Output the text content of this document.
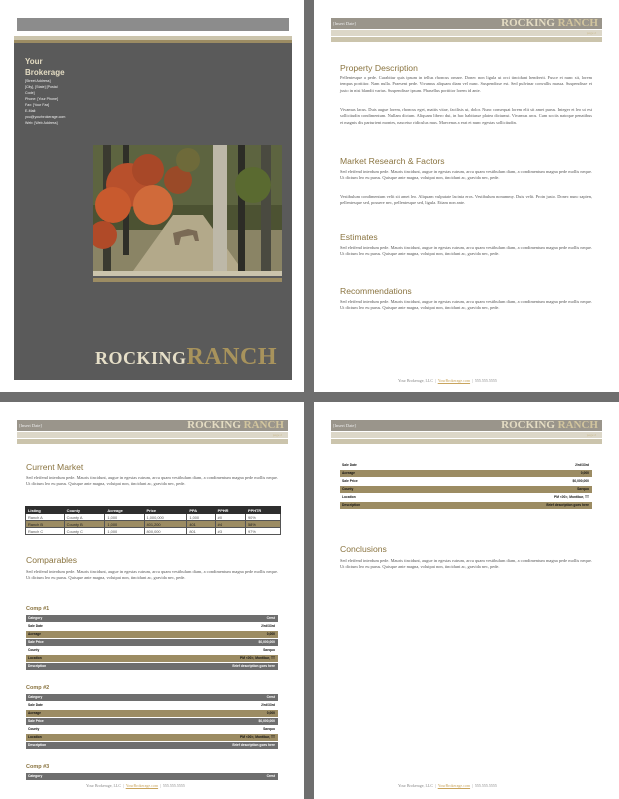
Your
Brokerage
[Street Address]
[City], [State] [Postal
Code]
Phone: [Your Phone]
Fax: [Your Fax]
E-Mail:
you@yourbrokerage.com
Web: [Web Address]
ROCKINGRANCH
[Insert Date]	ROCKING RANCH
page 2
Property Description

Pellentesque a pede. Curabitur quis ipsum in tellus rhoncus ornare. Donec non ligula ut orci tincidunt hendrerit. Fusce et nunc sit, lorem tempus porttitor. Nam nulla. Praesent pede. Vivamus aliquam diam vel nunc. Suspendisse est. Sed pulvinar convallis massa. Suspendisse et justo in nisi blandit varius. Suspendisse ipsum. Phasellus porttitor lorem id ante.

Vivamus lacus. Duis augue lorem, rhoncus eget, mattis vitae, facilisis ut, dolor. Nunc consequat lorem elit sit amet purus. Integer et leo ut est sollicitudin condimentum. Nullam dictum. Aliquam libero dui, in hac habitasse platea dictumst. Vivamus arcu. Cum sociis natoque penatibus et magnis dis parturient montes, nascetur ridiculus mus. Maecenas a erat et nunc egestas sollicitudin.

Market Research & Factors

Sed eleifend interdum pede. Mauris tincidunt, augue in egestas rutrum, arcu quam vestibulum diam, a condimentum magna pede mollis neque. Ut dictum leo eu purus. Quisque ante magna, volutpat non, tincidunt ac, gravida nec, pede.

Vestibulum condimentum velit sit amet leo. Aliquam vulputate lacinia eros. Vestibulum nonummy. Duis velit. Proin justo. Donec nunc sapien, pellentesque sed, posuere nec, pellentesque sed, ligula. Etiam non ante.

Estimates

Sed eleifend interdum pede. Mauris tincidunt, augue in egestas rutrum, arcu quam vestibulum diam, a condimentum magna pede mollis neque. Ut dictum leo eu purus. Quisque ante magna, volutpat non, tincidunt ac, gravida nec, pede.

Recommendations

Sed eleifend interdum pede. Mauris tincidunt, augue in egestas rutrum, arcu quam vestibulum diam, a condimentum magna pede mollis neque. Ut dictum leo eu purus. Quisque ante magna, volutpat non, tincidunt ac, gravida nec, pede.

Your Brokerage, LLC  |  YourBrokerage.com  |  555.555.5555
[Insert Date]	ROCKING RANCH
page 2
Current Market

Sed eleifend interdum pede. Mauris tincidunt, augue in egestas rutrum, arcu quam vestibulum diam, a condimentum magna pede mollis neque. Ut dictum leo eu purus. Quisque ante magna, volutpat non, tincidunt ac, gravida nec, pede.

Listing	County	Acreage	Price	PPA	PPHR	PPHTR
Ranch A	County A	1,000	1,000,000	1,000	#0	90%
Ranch B	County B	1,000	401,200	401	#4	58%
Ranch C	County C	1,000	800,000	801	#3	97%
Comparables

Sed eleifend interdum pede. Mauris tincidunt, augue in egestas rutrum, arcu quam vestibulum diam, a condimentum magna pede mollis neque. Ut dictum leo eu purus. Quisque ante magna, volutpat non, tincidunt ac, gravida nec, pede.

Comp #1
Category	Crest
Sale Date	2/rd/33rd
Acreage	0,000
Sale Price	$0,000,000
County	Saequo
Location	PM <00>, Montibur, TT
Description	Brief description goes here
Comp #2
Category	Crest
Sale Date	2/rd/33rd
Acreage	0,000
Sale Price	$0,000,000
County	Saequo
Location	PM <00>, Montibur, TT
Description	Brief description goes here
Comp #3
Category	Crest
Your Brokerage, LLC  |  YourBrokerage.com  |  555.555.5555
[Insert Date]	ROCKING RANCH
page 2
Sale Date	2/rd/33rd
Acreage	0,000
Sale Price	$0,000,000
County	Saequo
Location	PM <00>, Montibur, TT
Description	Brief description goes here
Conclusions

Sed eleifend interdum pede. Mauris tincidunt, augue in egestas rutrum, arcu quam vestibulum diam, a condimentum magna pede mollis neque. Ut dictum leo eu purus. Quisque ante magna, volutpat non, tincidunt ac, gravida nec, pede.

Your Brokerage, LLC  |  YourBrokerage.com  |  555.555.5555
